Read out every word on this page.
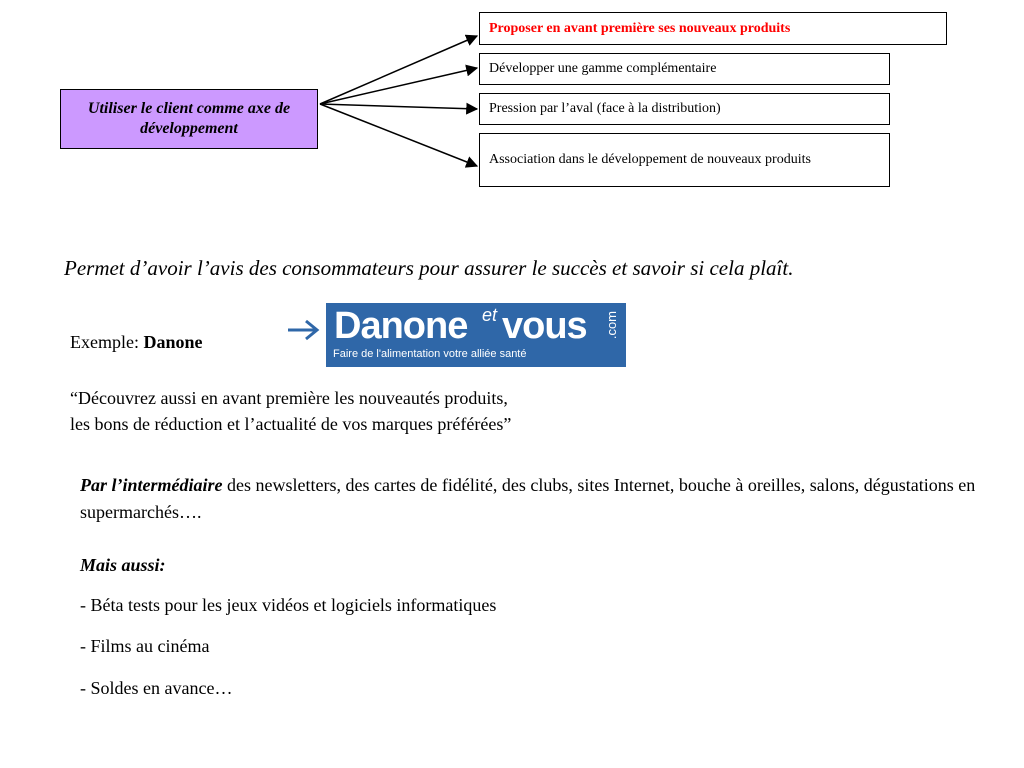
Utiliser le client comme axe de développement
Proposer en avant première ses nouveaux produits
Développer une gamme complémentaire
Pression par l’aval (face à la distribution)
Association dans le développement de nouveaux produits
Permet d’avoir l’avis des consommateurs pour assurer le succès et savoir si cela plaît.
Exemple: Danone	Danone et vous
Faire de l'alimentation votre alliée santé
.com
“Découvrez aussi en avant première les nouveautés produits,
les bons de réduction et l’actualité de vos marques préférées”
Par l’intermédiaire des newsletters, des cartes de fidélité, des clubs, sites Internet, bouche à oreilles, salons, dégustations en supermarchés….
Mais aussi:
- Béta tests pour les jeux vidéos et logiciels informatiques
- Films au cinéma
- Soldes en avance…
